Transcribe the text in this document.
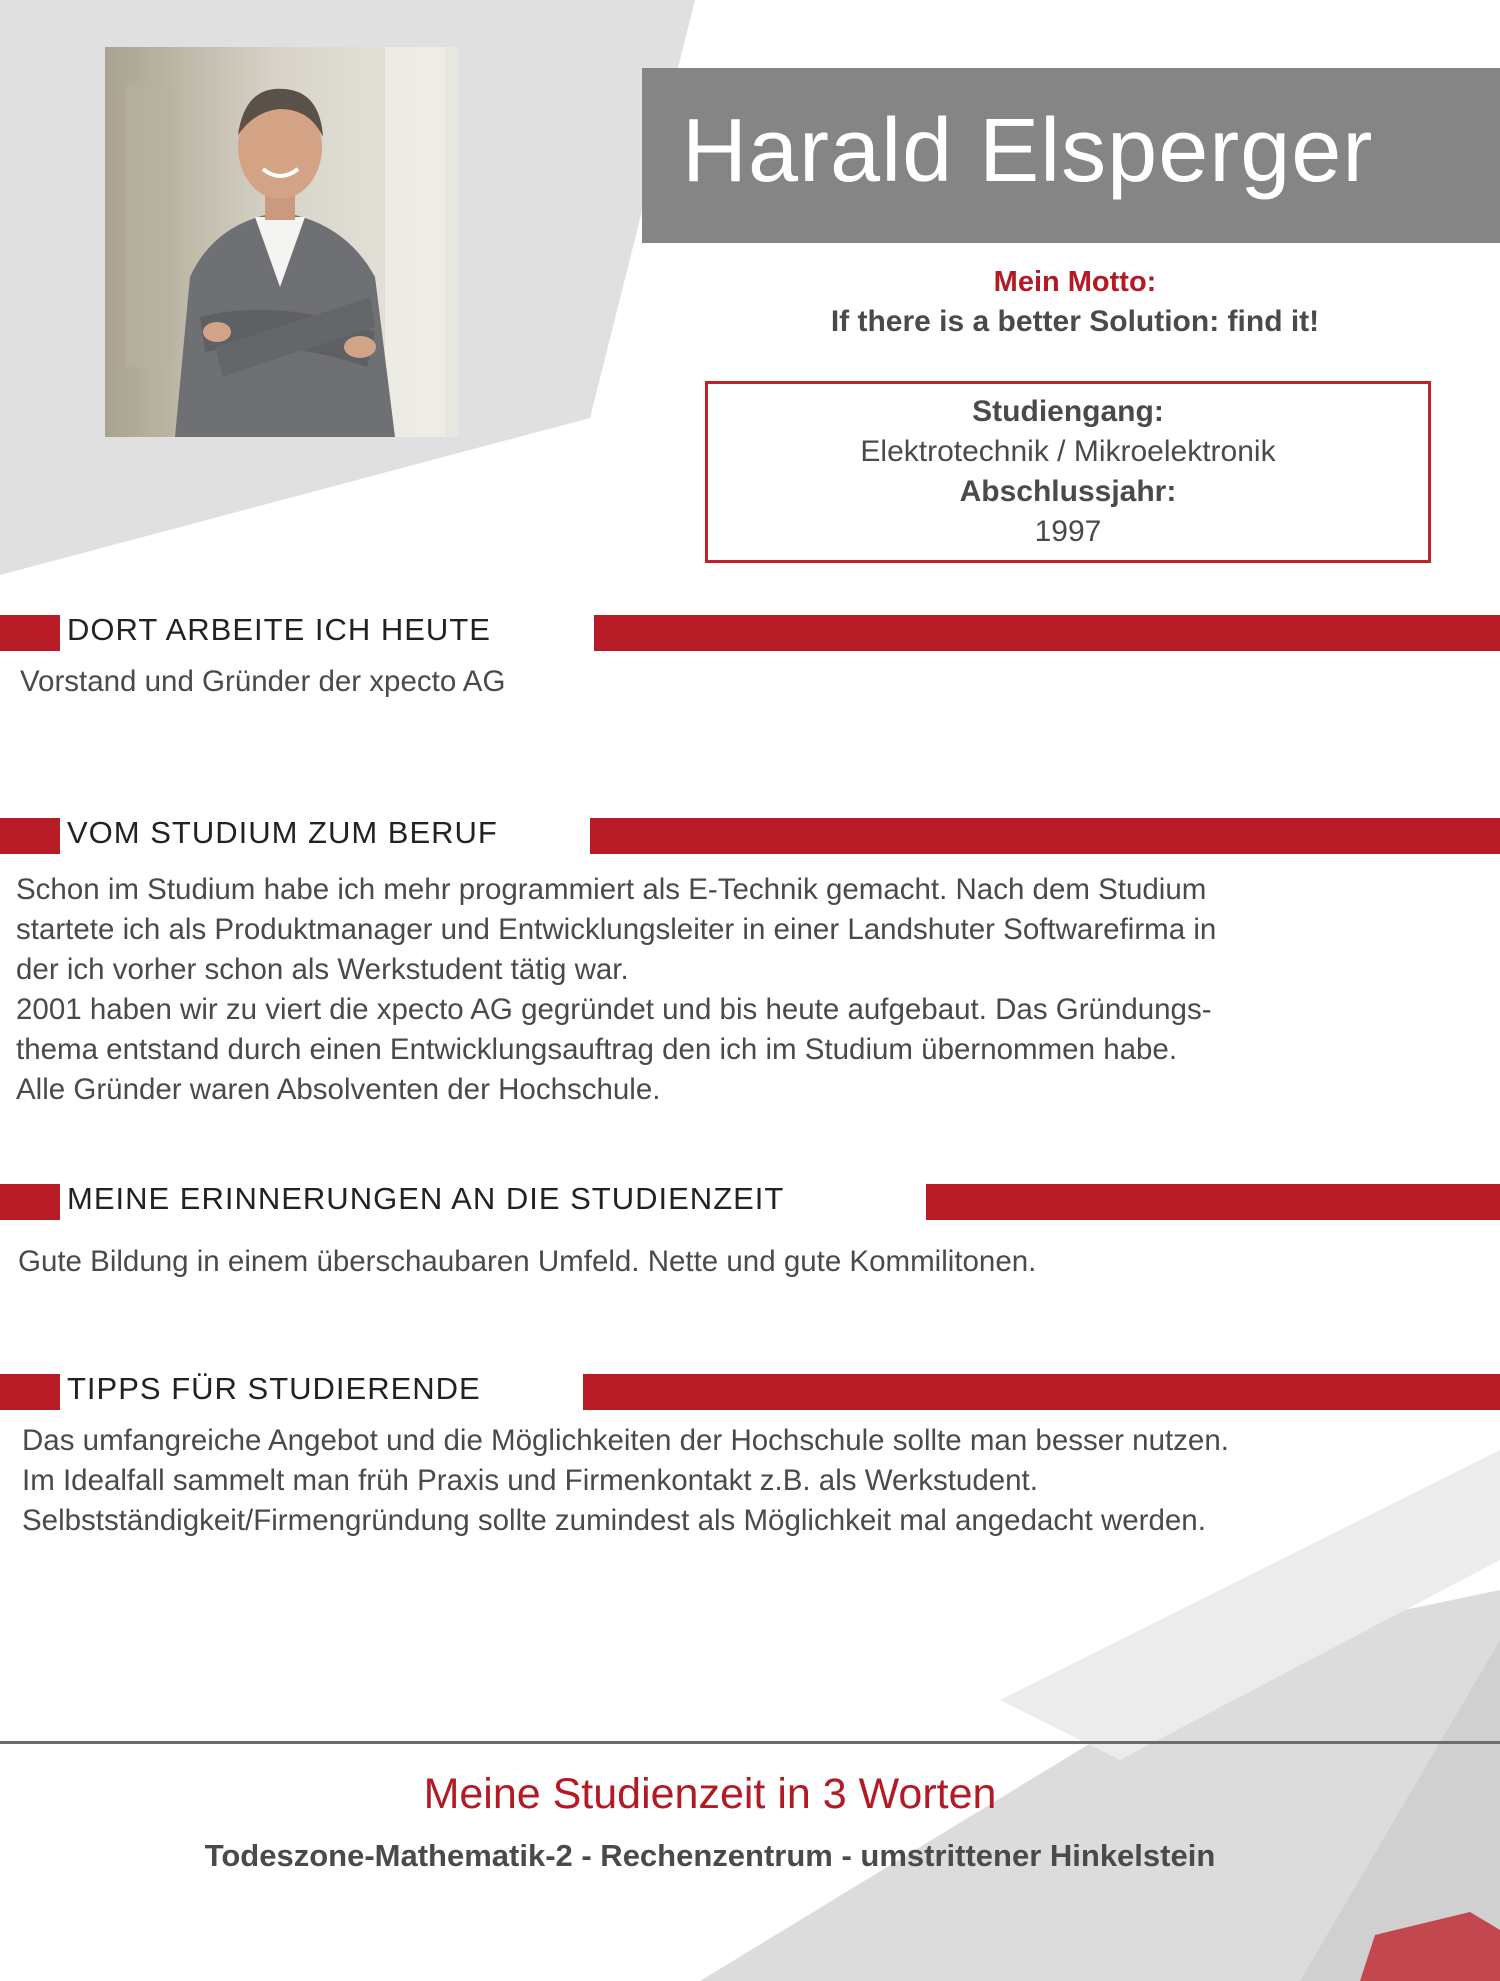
Harald Elsperger
Mein Motto:
If there is a better Solution: find it!
Studiengang:
Elektrotechnik / Mikroelektronik
Abschlussjahr:
1997
DORT ARBEITE ICH HEUTE
Vorstand und Gründer der xpecto AG
VOM STUDIUM ZUM BERUF
Schon im Studium habe ich mehr programmiert als E-Technik gemacht. Nach dem Studium
startete ich als Produktmanager und Entwicklungsleiter in einer Landshuter Softwarefirma in
der ich vorher schon als Werkstudent tätig war.
2001 haben wir zu viert die xpecto AG gegründet und bis heute aufgebaut. Das Gründungs-
thema entstand durch einen Entwicklungsauftrag den ich im Studium übernommen habe.
Alle Gründer waren Absolventen der Hochschule.
MEINE ERINNERUNGEN AN DIE STUDIENZEIT
Gute Bildung in einem überschaubaren Umfeld. Nette und gute Kommilitonen.
TIPPS FÜR STUDIERENDE
Das umfangreiche Angebot und die Möglichkeiten der Hochschule sollte man besser nutzen.
Im Idealfall sammelt man früh Praxis und Firmenkontakt z.B. als Werkstudent.
Selbstständigkeit/Firmengründung sollte zumindest als Möglichkeit mal angedacht werden.
Meine Studienzeit in 3 Worten
Todeszone-Mathematik-2 - Rechenzentrum - umstrittener Hinkelstein
